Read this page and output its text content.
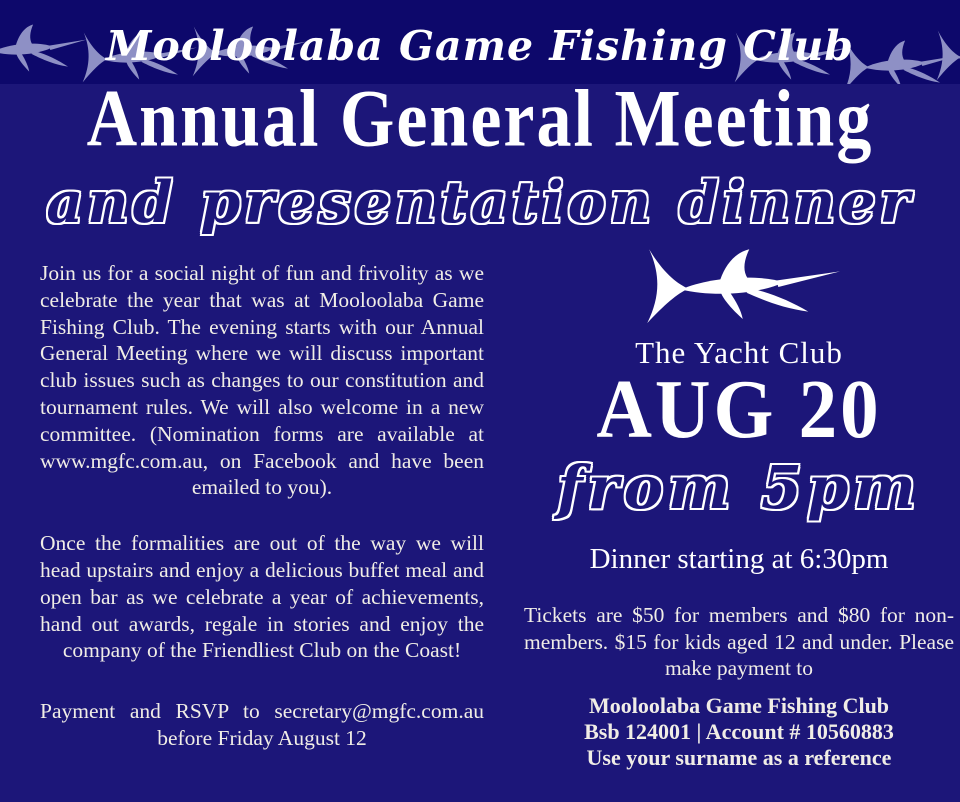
Mooloolaba Game Fishing Club
Annual General Meeting
and presentation dinner

Join us for a social night of fun and frivolity as we celebrate the year that was at Mooloolaba Game Fishing Club. The evening starts with our Annual General Meeting where we will discuss important club issues such as changes to our constitution and tournament rules. We will also welcome in a new committee. (Nomination forms are available at www.mgfc.com.au, on Facebook and have been emailed to you).

Once the formalities are out of the way we will head upstairs and enjoy a delicious buffet meal and open bar as we celebrate a year of achievements, hand out awards, regale in stories and enjoy the company of the Friendliest Club on the Coast!

Payment and RSVP to secretary@mgfc.com.au before Friday August 12

The Yacht Club
AUG 20
from 5pm
Dinner starting at 6:30pm

Tickets are $50 for members and $80 for non-members. $15 for kids aged 12 and under. Please make payment to

Mooloolaba Game Fishing Club
Bsb 124001 | Account # 10560883
Use your surname as a reference
